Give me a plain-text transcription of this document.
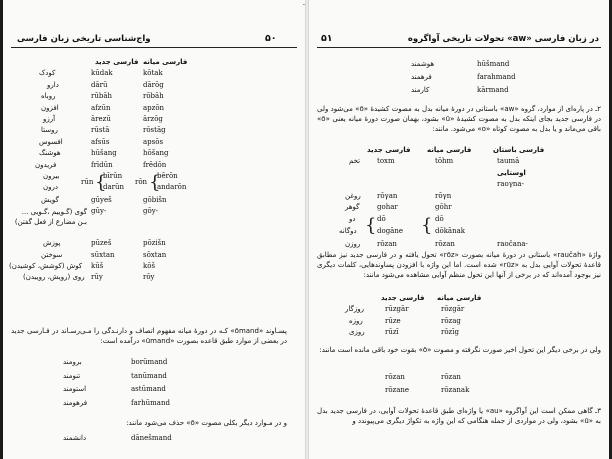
ـ
۵۰
واج‌شناسی تاریخی زبان فارسی
فارسی میانه
فارسی جدید
kōtak
kūdak
کودک
dārōg
dārū
دارو
rōbāh
rūbāh
روباه
apzōn
afzūn
افزون
ārzōg
ārezū
آرزو
rōstāg
rūstā
روستا
apsōs
afsūs
افسوس
hōšang
hūšang
هوشنگ
frēdōn
frīdūn
فریدون
بیرون
درون
rūn {
bīrūn
darūn
rōn {
bērōn
andarōn
gōbišn
gūyeš
گویش
gōy-
gūy-
گوی (گـوییم ،گـویی ... بـن مضارع از فعل گفتن)
pōzišn
pūzeš
پوزش
sōxtan
sūxtan
سوختن
kōš
kūš
کوش (کوشش، کوشیدن)
rōy
rūy
روی (رویش، روییدن)

پسـاوند «ōmand» کـه در دورهٔ میانه مفهوم اتصاف و دارنـدگی را مـی‌رسـاند در فـارسی جدید در بعضی از موارد طبق قاعده بصورت «ūmand» درآمده است:

borūmand
برومند
tanūmand
تنومند
astūmand
استومند
farhūmand
فرهومند

و در مـوارد دیگر بکلی مصوت «ō» حذف می‌شود مانند:

dānešmand
دانشمند
۵۱	تحولات تاریخی آواگروه «aw» در زبان فارسی
hūšmand
هوشمند
farahmand
فرهمند
kārmand
کارمند

۲ـ در پاره‌ای از موارد، گروه «aw» باستانی در دورهٔ میانه بدل به مصوت کشیدهٔ «ō» می‌شود ولی در فارسی جدید بجای اینکه بدل به مصوت کشیدهٔ «ū» بشود، بهمان صورت دورهٔ میانه یعنی «ō» باقی می‌ماند و یا بدل به مصوت کوتاه «o» می‌شود. مانند:

فارسی باستان
فارسی میانه
فارسی جدید
taumā
tōhm
toxm
تخم
اوستایی
raoγna-
rōγn
rōγan
روغن
gōhr
gohar
گوهر
دو
دوگانه { dō
dogāne { dō
dōkānak
raočana-
rōzan
rōzan
روزن

واژهٔ «raučah» باستانی در دورهٔ میانه بصورت «rōz» تحول یافته و در فارسی جدید نیز مطابق قاعدهٔ تحولات آوایی بدل به «rūz» شده است. اما این واژه با افزودن پساوندهایی، کلمات دیگری نیز بوجود آمده‌اند که در برخی از آنها این تحول منظم آوایی مشاهده می‌شود مانند:

فارسی میانه
فارسی جدید
rōzgār
rūzgār
روزگار
rōzag
rūze
روزه
rōzīg
rūzī
روزی

ولی در برخی دیگر این تحول اخیر صورت نگرفته و مصوت «ō» بقوت خود باقی مانده است مانند:

rōzan
rōzan
rōzanak
rōzane

۳ـ گاهی ممکن است این آواگروه «au» یا واژه‌ای طبق قاعدهٔ تحولات آوایی، در فارسی جدید بدل به «ū» بشود، ولی در مواردی از جمله هنگامی که این واژه به تکواژ دیگری می‌پیوندد و
